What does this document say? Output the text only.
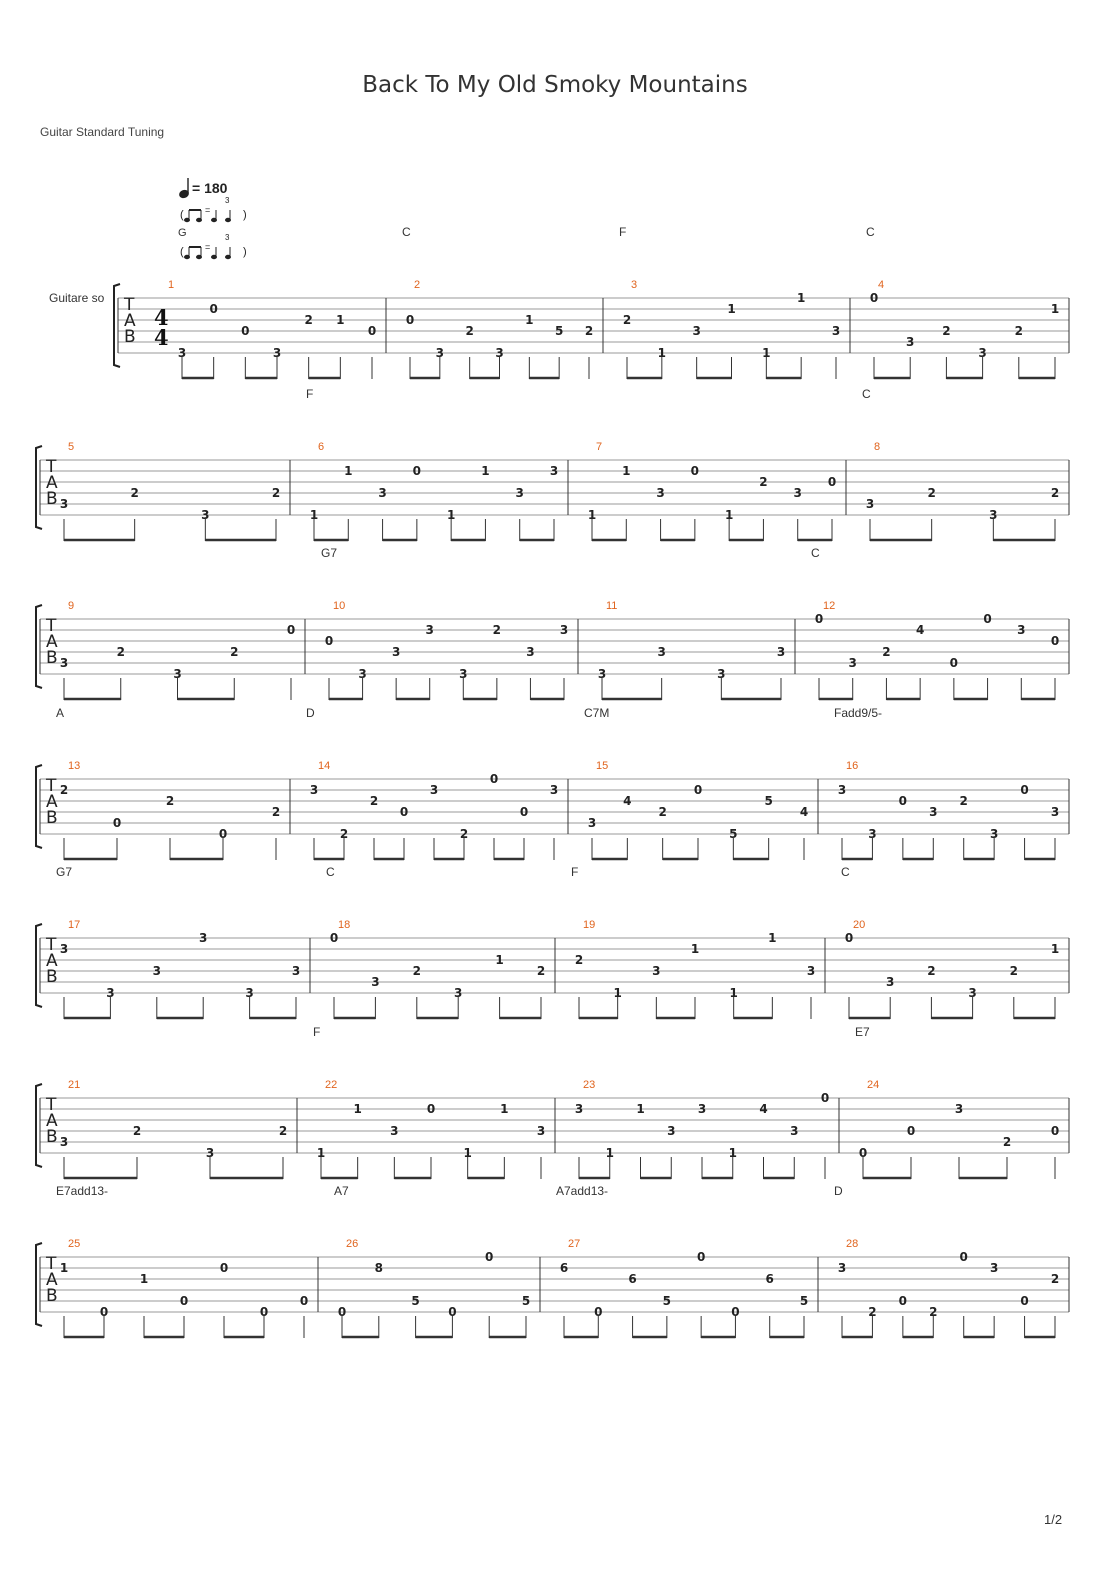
Back To My Old Smoky Mountains
Guitar Standard Tuning
Guitare so
= 180
( =
3
)
( =
3
)
G
T
A
B
4
4
1
3
0
0
3
2 1
0
2
C
0
3
2
3
1
5 2
3
F
2
1
3
1
1
1
3
4
C
0
3
2
3
2
1
T
A
B
5
3
2
3
2
6
F
1
1
3
0
1
1
3
3
7
1
1
3
0
1
2
3
0
8
C
3
2
3
2
T
A
B
9
3
2
3
2
0
10
G7
0
3
3
3
3
2
3
3
11
3
3
3
3
12
C
0
3
2
4
0
0
3
0
T
A
B
13
A
2
0
2
0
2
14
D
3
2
2
0
3
2
0
0
3
15
C7M
3
4
2
0
5
5
4
16
Fadd9/5-
3
3
0
3
2
3
0
3
T
A
B
17
G7
3
3
3
3
3
3
18
C
0
3
2
3
1
2
19
F
2
1
3
1
1
1
3
20
C
0
3
2
3
2
1
T
A
B
21
3
2
3
2
22
F
1
1
3
0
1
1
3
23
3
1
1
3
3
1
4
3
0
24
E7
0
0
3
2
0
T
A
B
25
E7add13-
1
0
1
0
0
0
0
26
A7
0
8
5
0
0
5
27
A7add13-
6
0
6
5
0
0
6
5
28
D
3
2
0
2
0
3
0
2
1/2
